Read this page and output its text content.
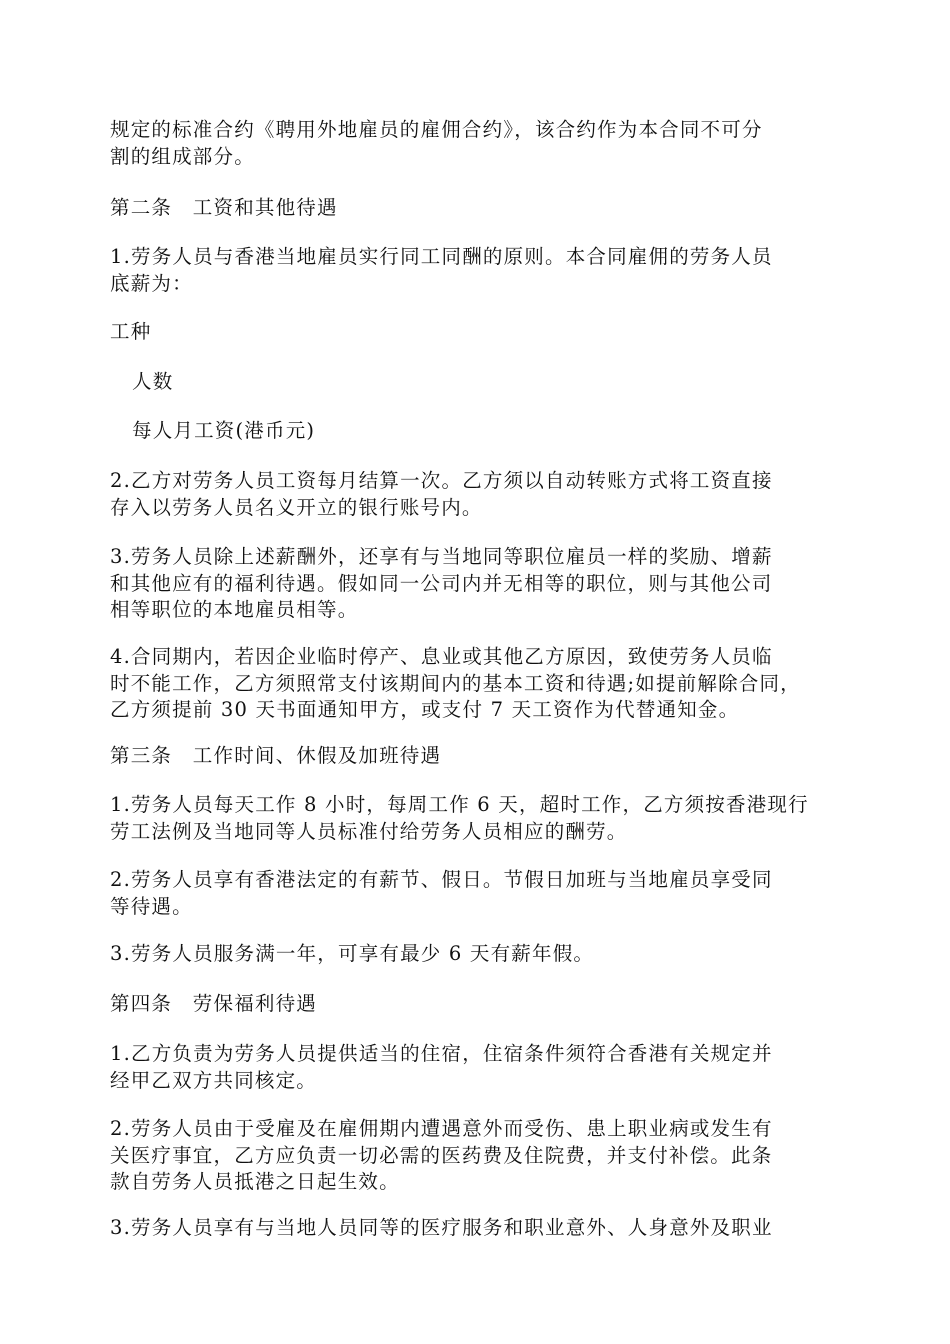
规定的标准合约《聘用外地雇员的雇佣合约》，该合约作为本合同不可分
割的组成部分。
第二条　工资和其他待遇
1.劳务人员与香港当地雇员实行同工同酬的原则。本合同雇佣的劳务人员
底薪为：
工种
人数
每人月工资(港币元)
2.乙方对劳务人员工资每月结算一次。乙方须以自动转账方式将工资直接
存入以劳务人员名义开立的银行账号内。
3.劳务人员除上述薪酬外，还享有与当地同等职位雇员一样的奖励、增薪
和其他应有的福利待遇。假如同一公司内并无相等的职位，则与其他公司
相等职位的本地雇员相等。
4.合同期内，若因企业临时停产、息业或其他乙方原因，致使劳务人员临
时不能工作，乙方须照常支付该期间内的基本工资和待遇;如提前解除合同，
乙方须提前 30 天书面通知甲方，或支付 7 天工资作为代替通知金。
第三条　工作时间、休假及加班待遇
1.劳务人员每天工作 8 小时，每周工作 6 天，超时工作，乙方须按香港现行
劳工法例及当地同等人员标准付给劳务人员相应的酬劳。
2.劳务人员享有香港法定的有薪节、假日。节假日加班与当地雇员享受同
等待遇。
3.劳务人员服务满一年，可享有最少 6 天有薪年假。
第四条　劳保福利待遇
1.乙方负责为劳务人员提供适当的住宿，住宿条件须符合香港有关规定并
经甲乙双方共同核定。
2.劳务人员由于受雇及在雇佣期内遭遇意外而受伤、患上职业病或发生有
关医疗事宜，乙方应负责一切必需的医药费及住院费，并支付补偿。此条
款自劳务人员抵港之日起生效。
3.劳务人员享有与当地人员同等的医疗服务和职业意外、人身意外及职业
